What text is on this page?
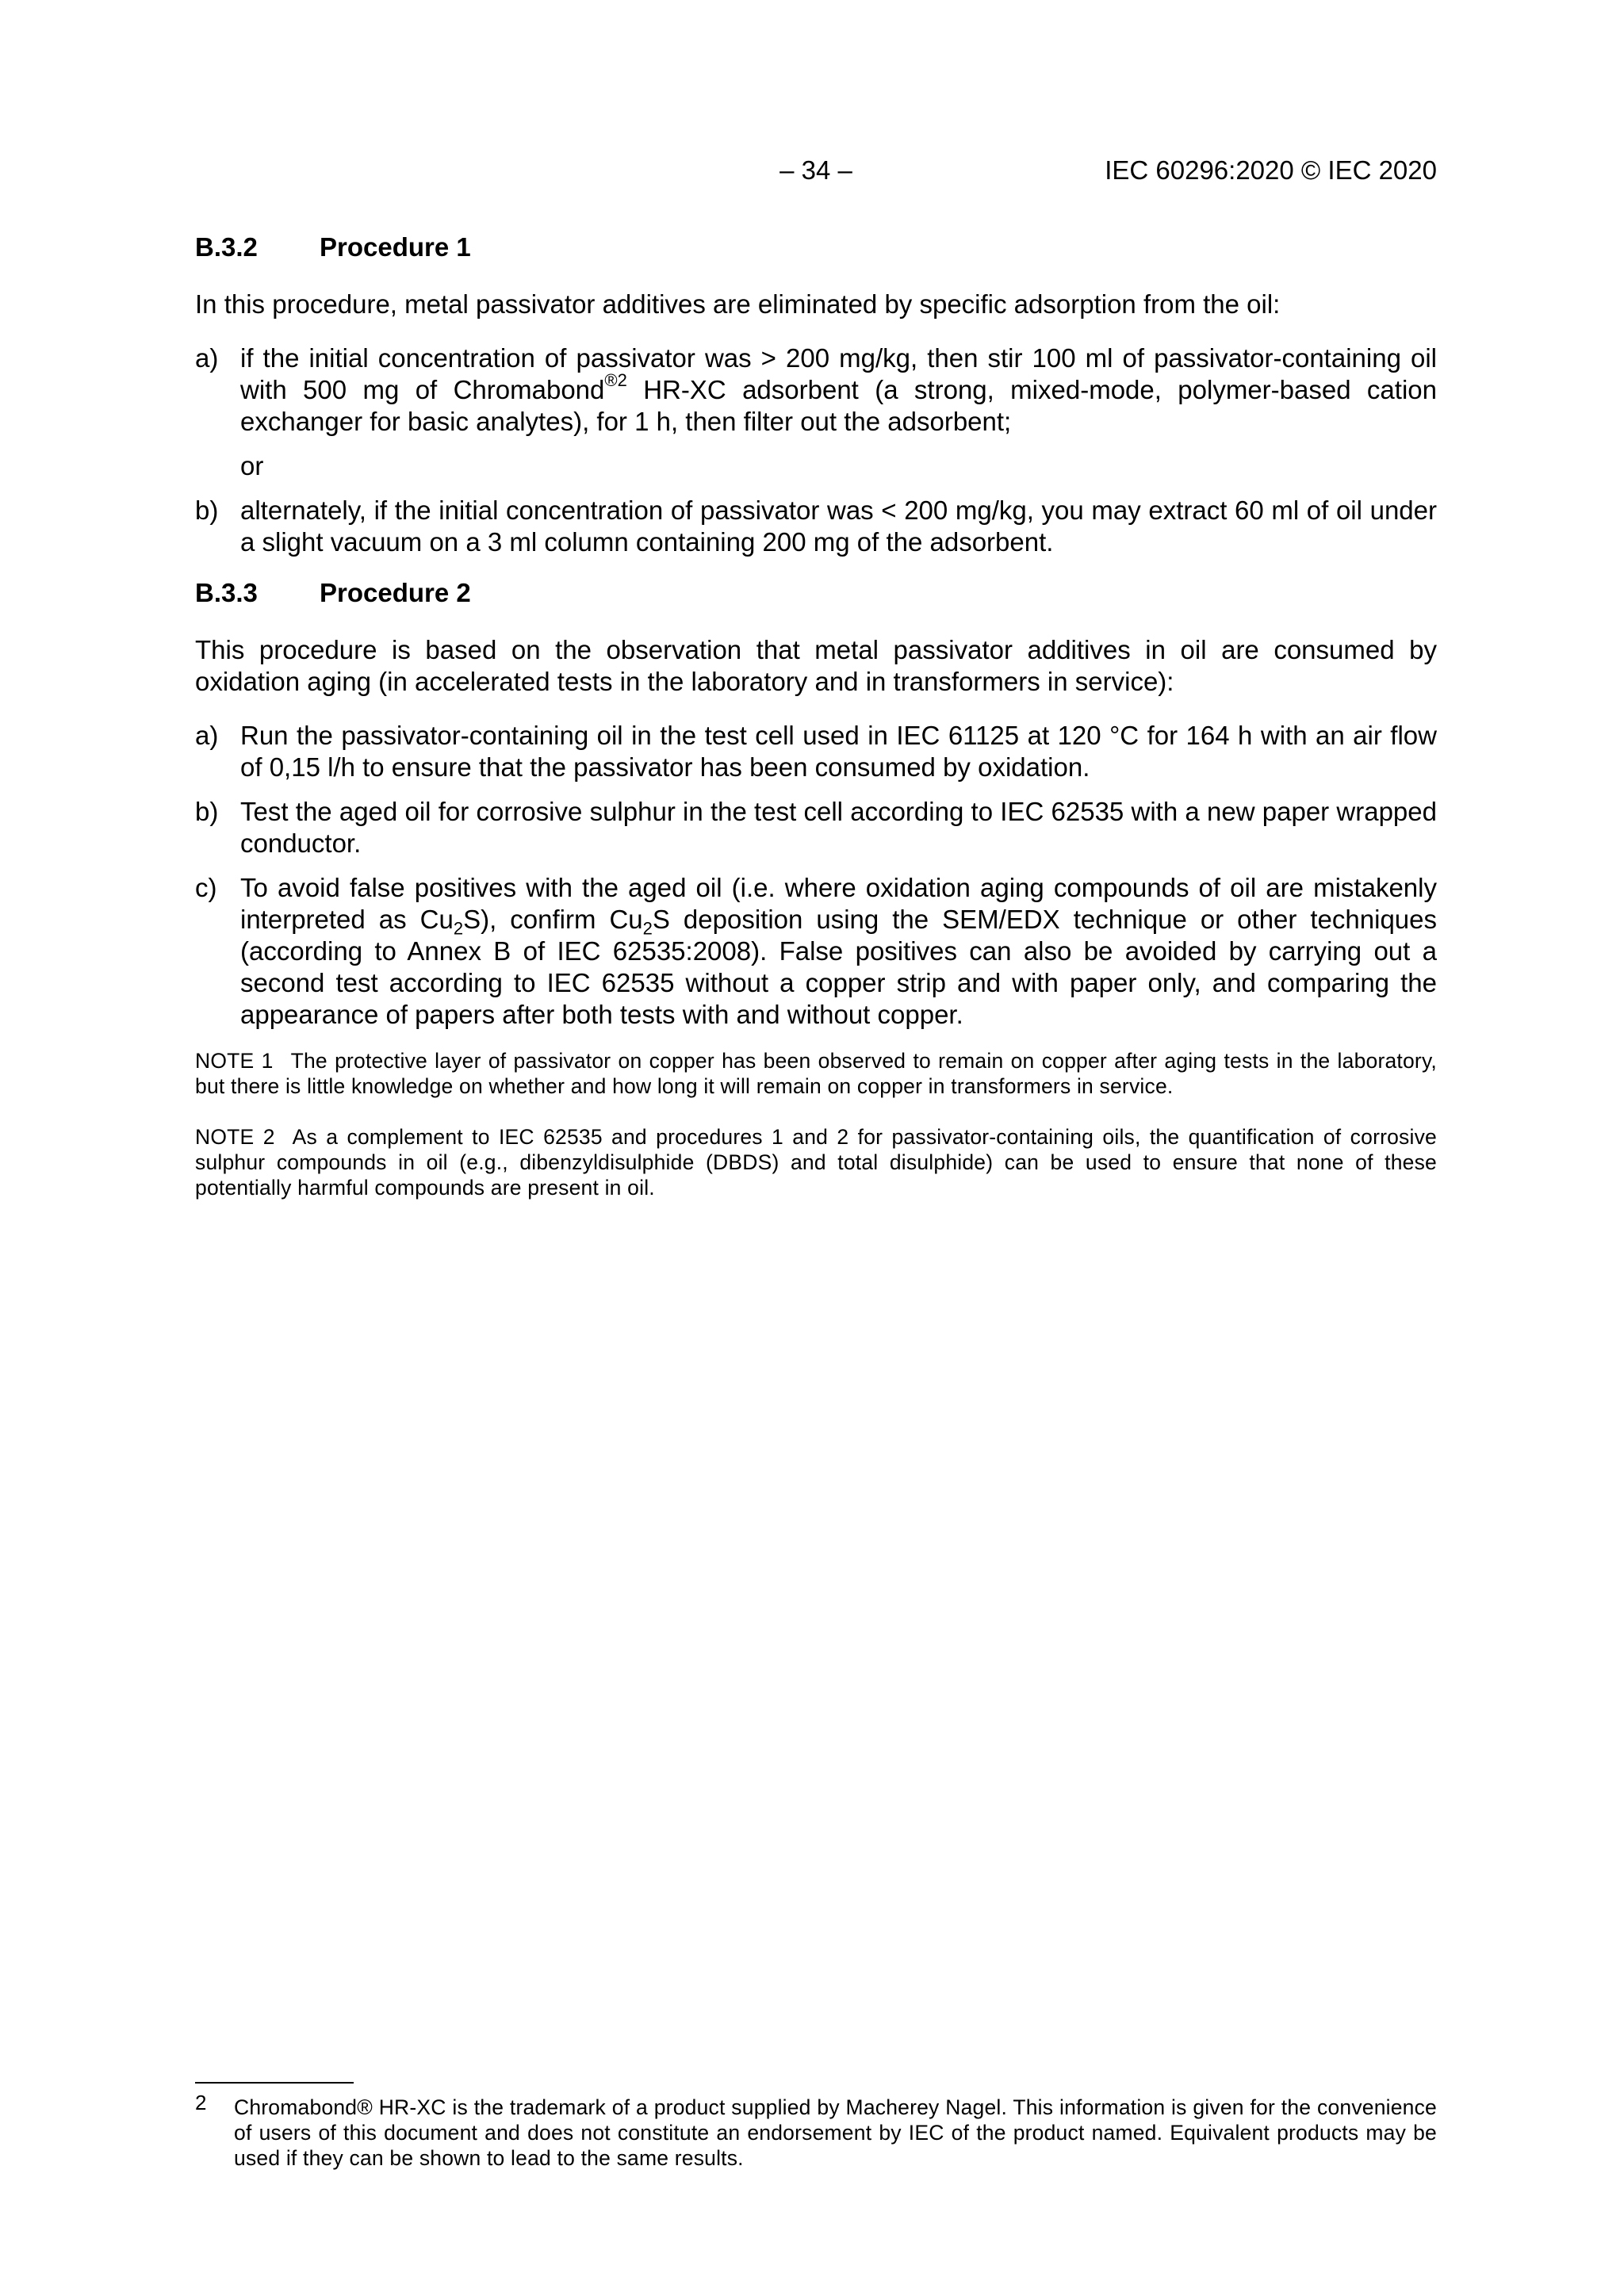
– 34 –	IEC 60296:2020 © IEC 2020
B.3.2 Procedure 1

In this procedure, metal passivator additives are eliminated by specific adsorption from the oil:

a) if the initial concentration of passivator was > 200 mg/kg, then stir 100 ml of passivator-containing oil with 500 mg of Chromabond$^{®2}$ HR-XC adsorbent (a strong, mixed-mode, polymer-based cation exchanger for basic analytes), for 1 h, then filter out the adsorbent;
or
b) alternately, if the initial concentration of passivator was < 200 mg/kg, you may extract 60 ml of oil under a slight vacuum on a 3 ml column containing 200 mg of the adsorbent.
B.3.3 Procedure 2

This procedure is based on the observation that metal passivator additives in oil are consumed by oxidation aging (in accelerated tests in the laboratory and in transformers in service):

a) Run the passivator-containing oil in the test cell used in IEC 61125 at 120 °C for 164 h with an air flow of 0,15 l/h to ensure that the passivator has been consumed by oxidation.
b) Test the aged oil for corrosive sulphur in the test cell according to IEC 62535 with a new paper wrapped conductor.
c) To avoid false positives with the aged oil (i.e. where oxidation aging compounds of oil are mistakenly interpreted as $Cu_2S$), confirm $Cu_2S$ deposition using the SEM/EDX technique or other techniques (according to Annex B of IEC 62535:2008). False positives can also be avoided by carrying out a second test according to IEC 62535 without a copper strip and with paper only, and comparing the appearance of papers after both tests with and without copper.

NOTE 1 The protective layer of passivator on copper has been observed to remain on copper after aging tests in the laboratory, but there is little knowledge on whether and how long it will remain on copper in transformers in service.

NOTE 2 As a complement to IEC 62535 and procedures 1 and 2 for passivator-containing oils, the quantification of corrosive sulphur compounds in oil (e.g., dibenzyldisulphide (DBDS) and total disulphide) can be used to ensure that none of these potentially harmful compounds are present in oil.

2 Chromabond® HR-XC is the trademark of a product supplied by Macherey Nagel. This information is given for the convenience of users of this document and does not constitute an endorsement by IEC of the product named. Equivalent products may be used if they can be shown to lead to the same results.
